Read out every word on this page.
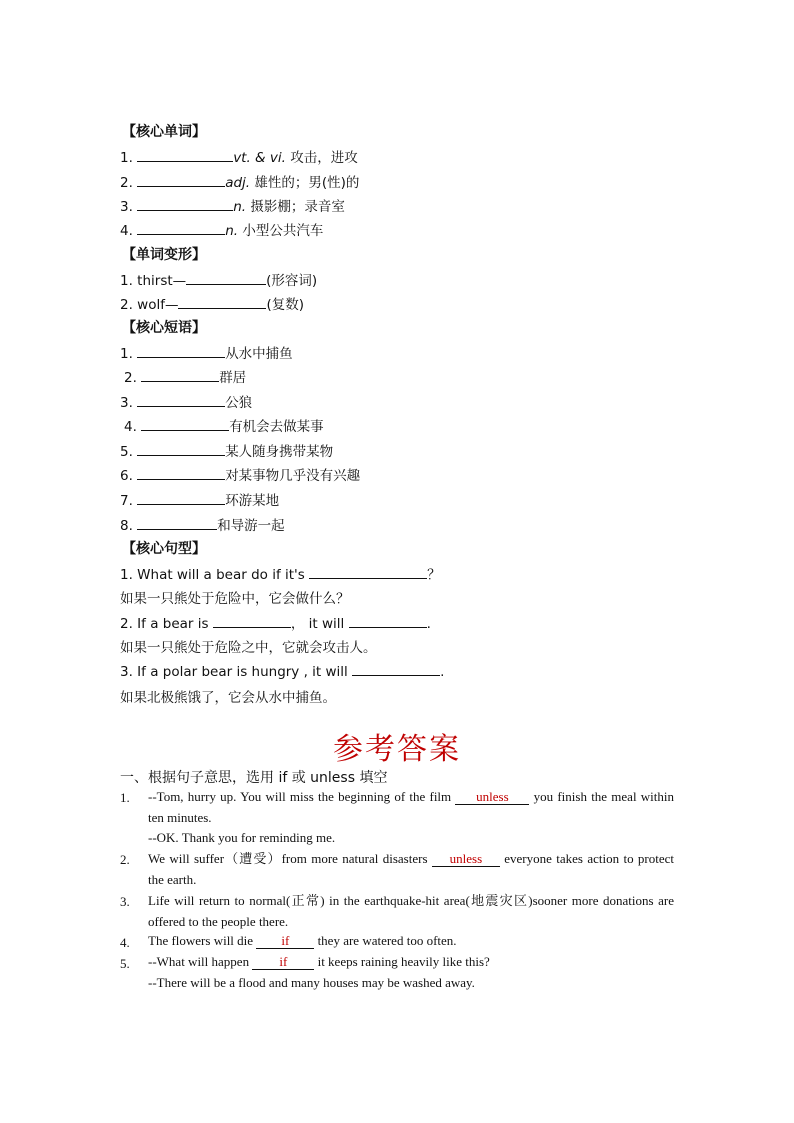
【核心单词】
1.	vt. & vi. 攻击，进攻
2.	adj. 雄性的；男(性)的
3.	n. 摄影棚；录音室
4.	n. 小型公共汽车
【单词变形】
1. thirst—	(形容词)
2. wolf—	(复数)
【核心短语】
1.	从水中捕鱼
2.	群居
3.	公狼
4.	有机会去做某事
5.	某人随身携带某物
6.	对某事物几乎没有兴趣
7.	环游某地
8.	和导游一起
【核心句型】
1. What will a bear do if it's	？
如果一只熊处于危险中，它会做什么？
2. If a bear is	， it will	.
如果一只熊处于危险之中，它就会攻击人。
3. If a polar bear is hungry , it will	.
如果北极熊饿了，它会从水中捕鱼。
参考答案
一、根据句子意思，选用 if 或 unless 填空
1. --Tom, hurry up. You will miss the beginning of the film unless you finish the meal within ten minutes.
--OK. Thank you for reminding me.
2. We will suffer（遭受）from more natural disasters unless everyone takes action to protect the earth.
3. Life will return to normal(正常) in the earthquake-hit area(地震灾区)sooner more donations are offered to the people there.
4. The flowers will die if they are watered too often.
5. --What will happen if it keeps raining heavily like this?
--There will be a flood and many houses may be washed away.
